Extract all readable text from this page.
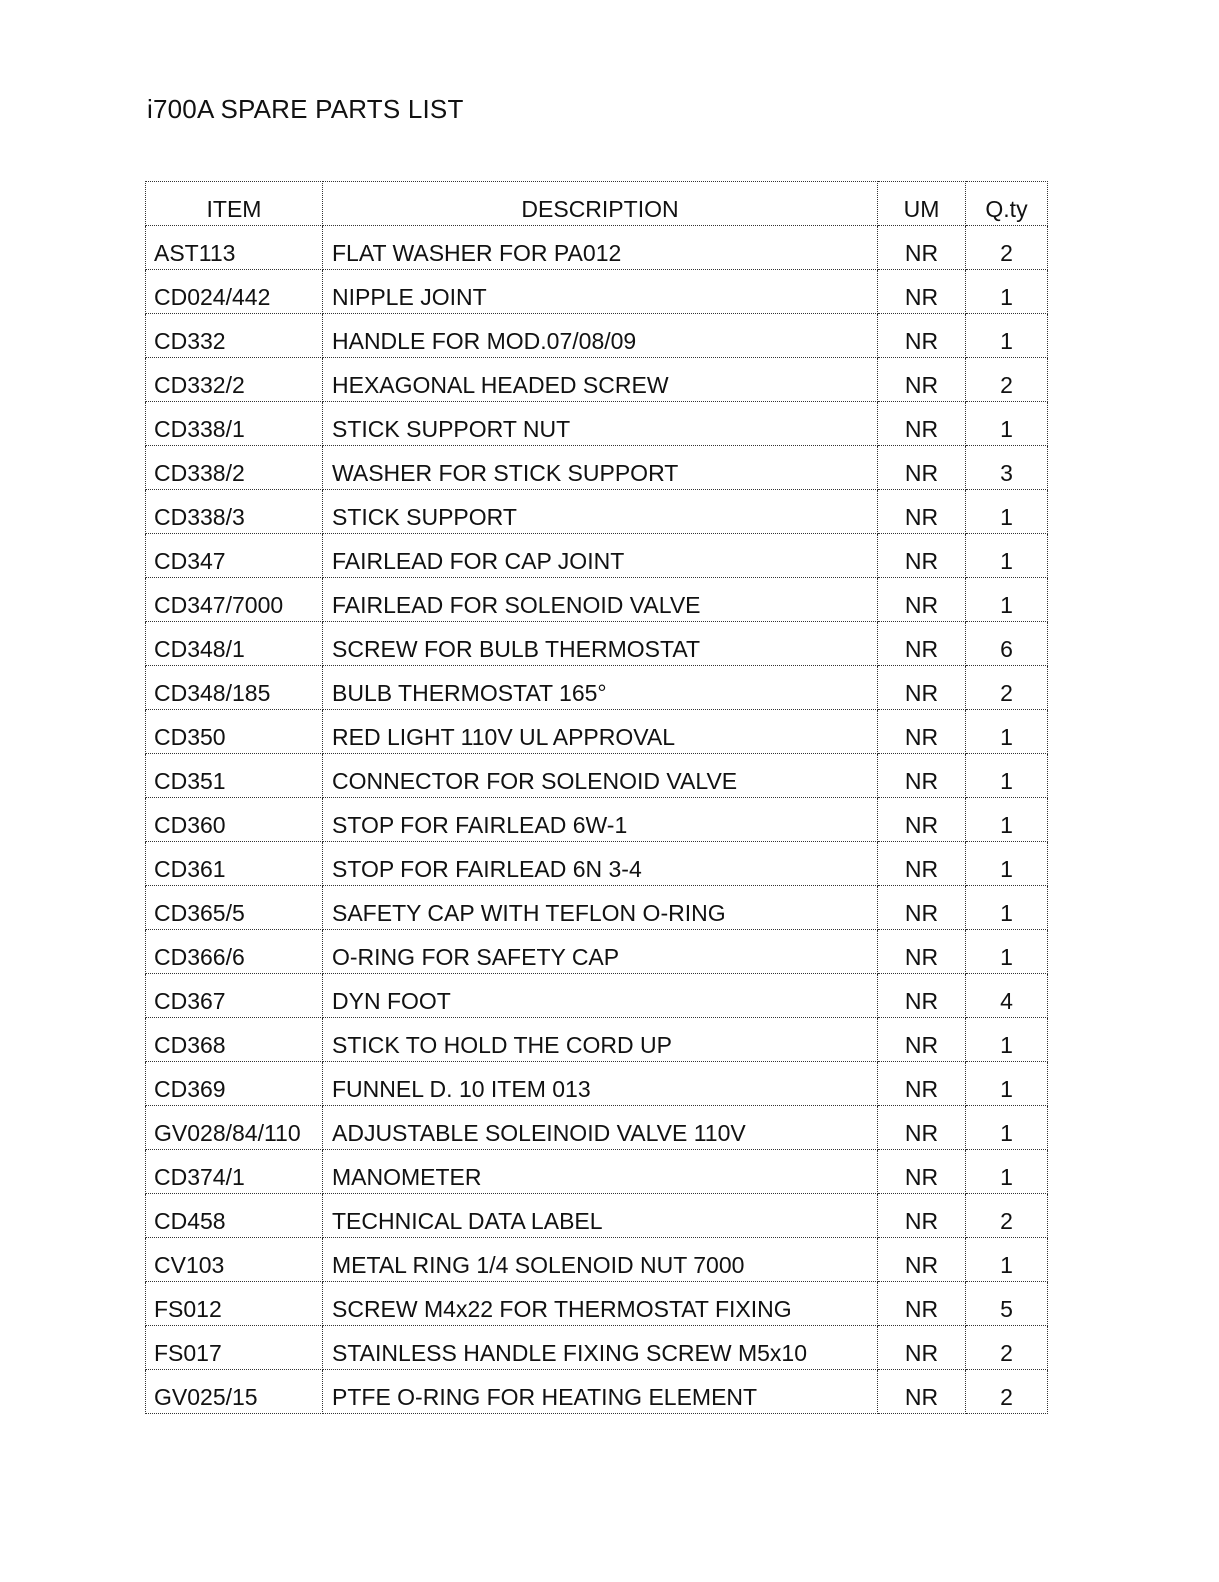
i700A SPARE PARTS LIST
ITEM	DESCRIPTION	UM	Q.ty
AST113	FLAT WASHER FOR PA012	NR	2
CD024/442	NIPPLE JOINT	NR	1
CD332	HANDLE FOR MOD.07/08/09	NR	1
CD332/2	HEXAGONAL HEADED SCREW	NR	2
CD338/1	STICK SUPPORT NUT	NR	1
CD338/2	WASHER FOR STICK SUPPORT	NR	3
CD338/3	STICK SUPPORT	NR	1
CD347	FAIRLEAD FOR CAP JOINT	NR	1
CD347/7000	FAIRLEAD FOR SOLENOID VALVE	NR	1
CD348/1	SCREW FOR BULB THERMOSTAT	NR	6
CD348/185	BULB THERMOSTAT 165°	NR	2
CD350	RED LIGHT 110V UL APPROVAL	NR	1
CD351	CONNECTOR FOR SOLENOID VALVE	NR	1
CD360	STOP FOR FAIRLEAD 6W-1	NR	1
CD361	STOP FOR FAIRLEAD 6N 3-4	NR	1
CD365/5	SAFETY CAP WITH TEFLON O-RING	NR	1
CD366/6	O-RING FOR SAFETY CAP	NR	1
CD367	DYN FOOT	NR	4
CD368	STICK TO HOLD THE CORD UP	NR	1
CD369	FUNNEL D. 10 ITEM 013	NR	1
GV028/84/110	ADJUSTABLE SOLEINOID VALVE 110V	NR	1
CD374/1	MANOMETER	NR	1
CD458	TECHNICAL DATA LABEL	NR	2
CV103	METAL RING 1/4 SOLENOID NUT 7000	NR	1
FS012	SCREW M4x22 FOR THERMOSTAT FIXING	NR	5
FS017	STAINLESS HANDLE FIXING SCREW M5x10	NR	2
GV025/15	PTFE O-RING FOR HEATING ELEMENT	NR	2
